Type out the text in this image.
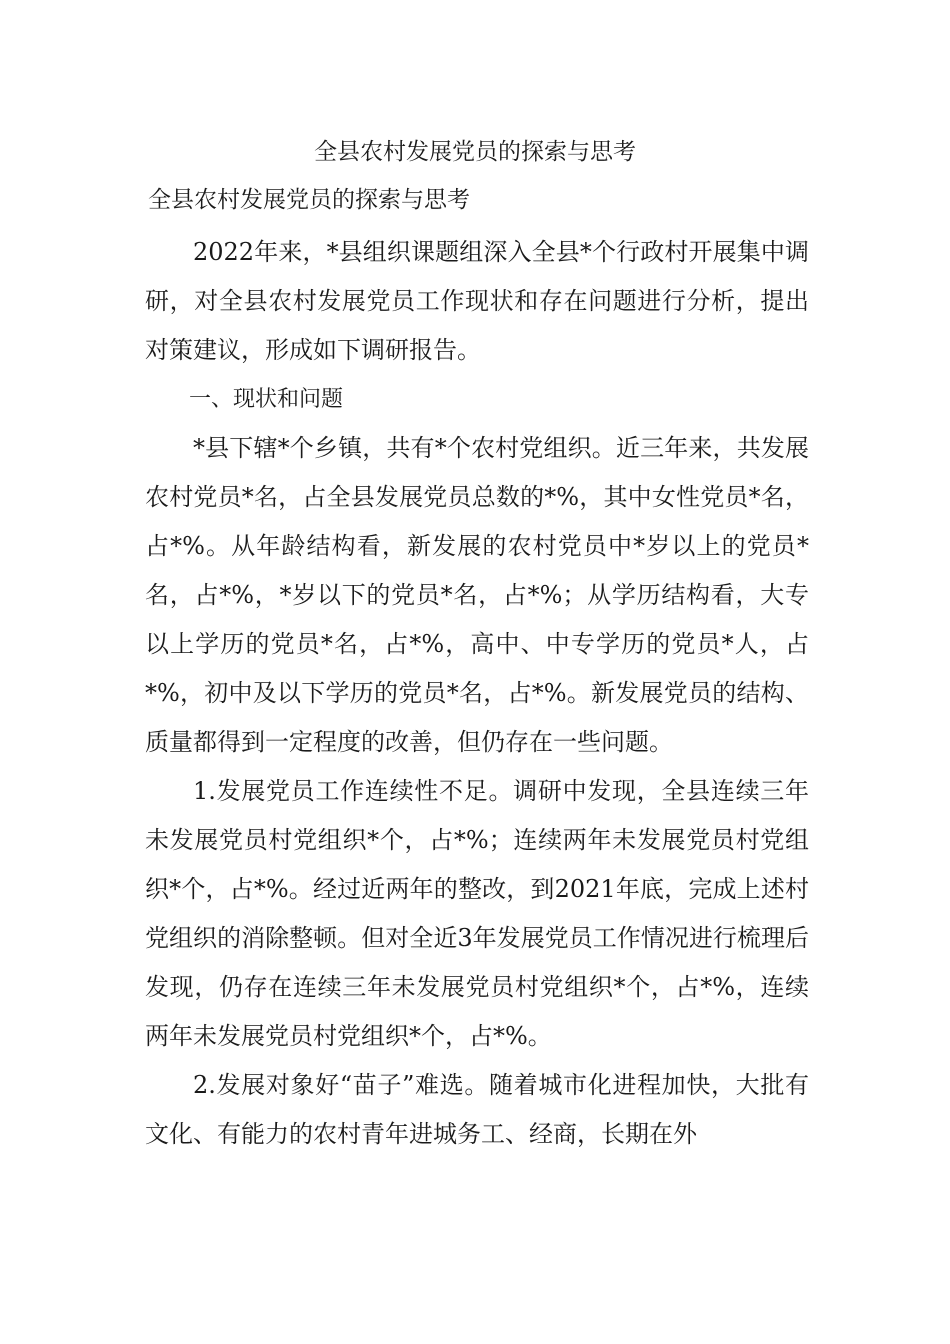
全县农村发展党员的探索与思考
全县农村发展党员的探索与思考

2022年来，*县组织课题组深入全县*个行政村开展集中调研，对全县农村发展党员工作现状和存在问题进行分析，提出对策建议，形成如下调研报告。

一、现状和问题

*县下辖*个乡镇，共有*个农村党组织。近三年来，共发展农村党员*名，占全县发展党员总数的*%，其中女性党员*名，占*%。从年龄结构看，新发展的农村党员中*岁以上的党员*名，占*%，*岁以下的党员*名，占*%；从学历结构看，大专以上学历的党员*名，占*%，高中、中专学历的党员*人，占*%，初中及以下学历的党员*名，占*%。新发展党员的结构、质量都得到一定程度的改善，但仍存在一些问题。

1.发展党员工作连续性不足。调研中发现，全县连续三年未发展党员村党组织*个，占*%；连续两年未发展党员村党组织*个，占*%。经过近两年的整改，到2021年底，完成上述村党组织的消除整顿。但对全近3年发展党员工作情况进行梳理后发现，仍存在连续三年未发展党员村党组织*个，占*%，连续两年未发展党员村党组织*个，占*%。

2.发展对象好“苗子”难选。随着城市化进程加快，大批有文化、有能力的农村青年进城务工、经商，长期在外
